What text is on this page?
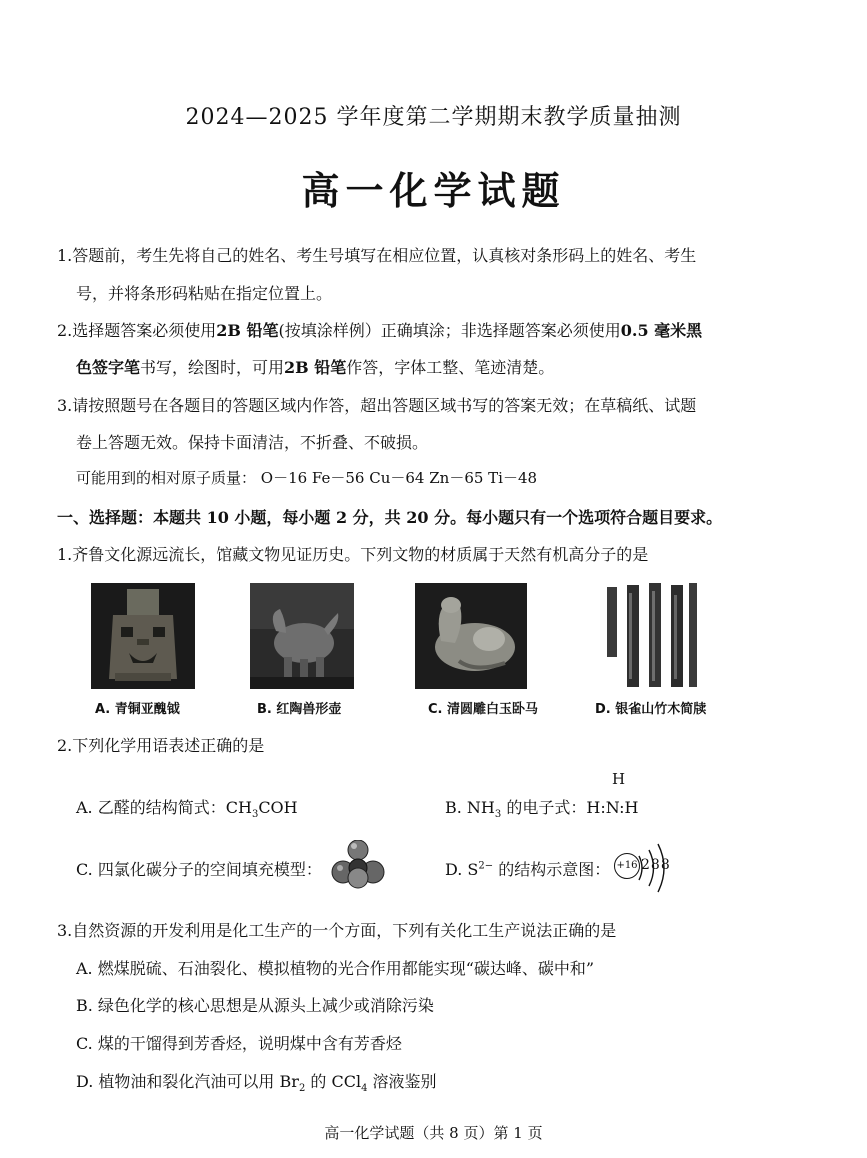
2024—2025 学年度第二学期期末教学质量抽测
高一化学试题
1.答题前，考生先将自己的姓名、考生号填写在相应位置，认真核对条形码上的姓名、考生
号，并将条形码粘贴在指定位置上。
2.选择题答案必须使用2B 铅笔(按填涂样例）正确填涂；非选择题答案必须使用0.5 毫米黑
色签字笔书写，绘图时，可用2B 铅笔作答，字体工整、笔迹清楚。
3.请按照题号在各题目的答题区域内作答，超出答题区域书写的答案无效；在草稿纸、试题
卷上答题无效。保持卡面清洁，不折叠、不破损。
可能用到的相对原子质量： O－16 Fe－56 Cu－64 Zn－65 Ti－48
一、选择题：本题共 10 小题，每小题 2 分，共 20 分。每小题只有一个选项符合题目要求。
1.齐鲁文化源远流长，馆藏文物见证历史。下列文物的材质属于天然有机高分子的是
A. 青铜亚醜钺	B. 红陶兽形壶	C. 清圆雕白玉卧马	D. 银雀山竹木简牍
2.下列化学用语表述正确的是
A. 乙醛的结构简式：$CH_3COH$
H
B. $NH_3$ 的电子式：H:N:H
C. 四氯化碳分子的空间填充模型：	D. $S^{2-}$ 的结构示意图： +16 288
3.自然资源的开发利用是化工生产的一个方面，下列有关化工生产说法正确的是
A. 燃煤脱硫、石油裂化、模拟植物的光合作用都能实现“碳达峰、碳中和”
B. 绿色化学的核心思想是从源头上减少或消除污染
C. 煤的干馏得到芳香烃，说明煤中含有芳香烃
D. 植物油和裂化汽油可以用 $Br_2$ 的 CCl$_4$ 溶液鉴别
高一化学试题（共 8 页）第 1 页
